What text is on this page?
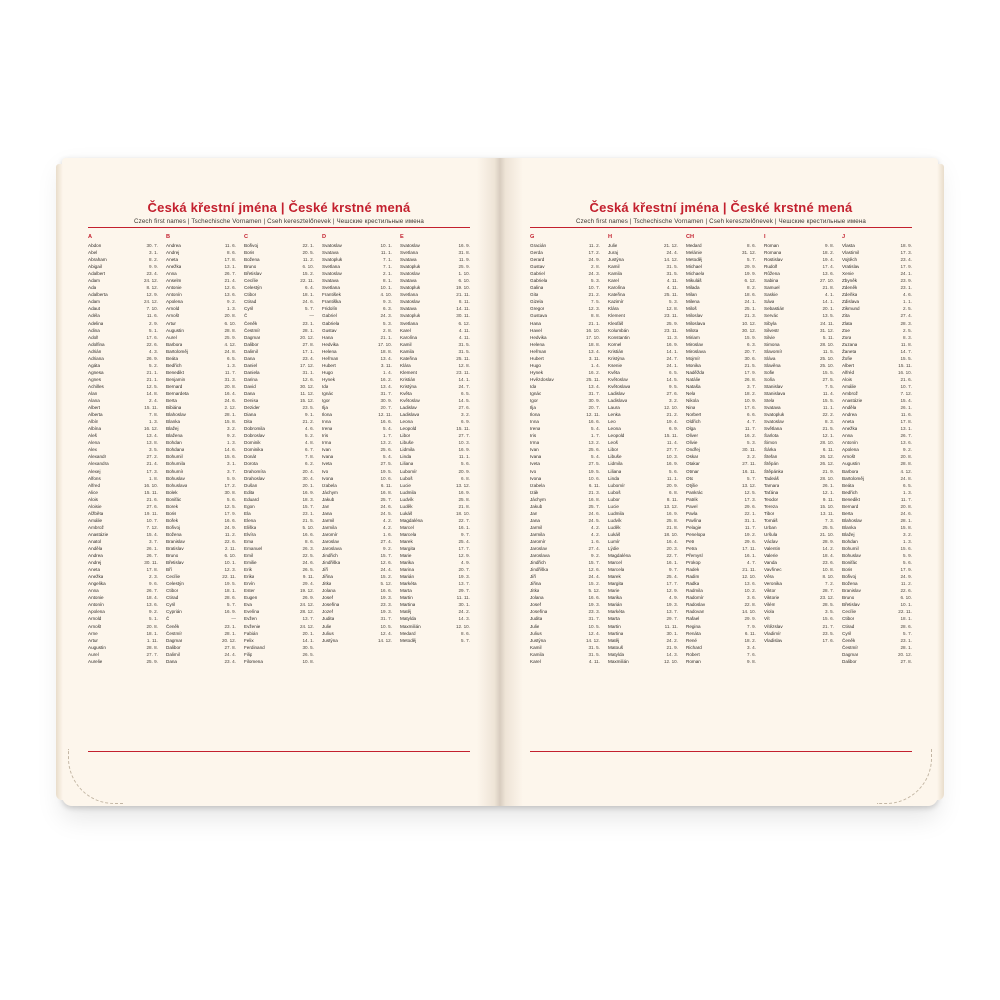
Česká křestní jména | České krstné mená
Czech first names | Tschechische Vornamen | Cseh keresztelőnevek | Чешские крестильные имена
A
Abdon	30. 7.
Abel	3. 1.
Abraham	8. 2.
Abigail	9. 9.
Adalbert	23. 4.
Adam	24. 12.
Ada	8. 12.
Adalberta	12. 9.
Adam	24. 12.
Adaut	7. 10.
Adéla	11. 6.
Adelina	2. 9.
Adina	5. 1.
Adolf	17. 6.
Adolfina	22. 6.
Adrián	4. 3.
Adriana	26. 9.
Agáta	5. 2.
Agnesa	21. 1.
Agnes	21. 1.
Achilles	12. 5.
Alan	14. 8.
Alana	2. 4.
Albert	15. 11.
Alberta	7. 8.
Albín	1. 3.
Albína	16. 12.
Aleš	13. 4.
Alena	13. 8.
Alex	3. 5.
Alexandr	27. 2.
Alexandra	21. 4.
Alexej	17. 3.
Alfons	1. 8.
Alfred	16. 10.
Alice	15. 11.
Alois	21. 6.
Aloisie	27. 6.
Alžběta	19. 11.
Amálie	10. 7.
Ambrož	7. 12.
Anastázie	15. 4.
Anatol	3. 7.
Anděla	26. 1.
Andrea	26. 7.
Andrej	30. 11.
Aneta	17. 8.
Anežka	2. 3.
Angelika	9. 6.
Anna	26. 7.
Antonie	18. 4.
Antonín	13. 6.
Apolena	9. 2.
Arnold	5. 1.
Arnošt	20. 8.
Arne	18. 1.
Artur	1. 11.
Augustin	28. 8.
Aurel	27. 7.
Aurelie	25. 9.
B
Andrea	11. 6.
Andrej	8. 6.
Aneta	17. 8.
Anežka	13. 1.
Anna	26. 7.
Anselm	21. 4.
Antonie	12. 6.
Antonín	13. 6.
Apolena	9. 2.
Arnold	1. 3.
Arnošt	20. 8.
Artur	6. 10.
Augustin	28. 8.
Aurel	25. 9.
Barbora	4. 12.
Bartoloměj	24. 8.
Beáta	6. 5.
Bedřich	1. 3.
Benedikt	11. 7.
Benjamin	31. 3.
Bernard	20. 8.
Bernardeta	16. 4.
Berta	24. 6.
Bibiána	2. 12.
Blahoslav	28. 1.
Blanka	15. 8.
Blažej	3. 2.
Blažena	9. 2.
Bohdan	1. 3.
Bohdana	14. 6.
Bohumil	15. 6.
Bohumila	3. 1.
Bohumír	3. 7.
Bohuslav	5. 9.
Bohuslava	17. 2.
Bolek	30. 8.
Bonifác	5. 6.
Borek	12. 5.
Boris	17. 9.
Bořek	16. 6.
Bořivoj	24. 9.
Božena	11. 2.
Branislav	22. 6.
Bratislav	2. 11.
Bruno	6. 10.
Břetislav	10. 1.
Bří	12. 3.
Cecílie	22. 11.
Celestýn	19. 5.
Ctibor	18. 1.
Ctirad	28. 6.
Cyril	5. 7.
Cyprián	16. 9.
Č	—
Čeněk	23. 1.
Čestmír	28. 1.
Dagmar	20. 12.
Dalibor	27. 8.
Dalimil	24. 4.
Dana	23. 4.
C
Bořivoj	22. 1.
Boris	20. 5.
Božena	11. 2.
Bruno	6. 10.
Břetislav	15. 2.
Cecílie	22. 11.
Celestýn	6. 4.
Ctibor	18. 1.
Ctirad	24. 6.
Cyril	5. 7.
Č	—
Čeněk	23. 1.
Čestmír	28. 1.
Dagmar	20. 12.
Dalibor	27. 8.
Dalimil	17. 1.
Dana	23. 4.
Daniel	17. 12.
Daniela	31. 1.
Darina	12. 6.
David	30. 12.
Dana	11. 12.
Denisa	15. 12.
Dezider	23. 5.
Diana	9. 1.
Dita	21. 2.
Dobromila	4. 6.
Dobroslav	5. 2.
Dominik	4. 8.
Dominika	6. 7.
Donát	7. 8.
Dorota	6. 2.
Drahomíra	20. 4.
Drahoslav	30. 4.
Dušan	20. 1.
Edita	16. 9.
Eduard	18. 3.
Egon	15. 7.
Ela	23. 1.
Elena	21. 5.
Eliška	5. 10.
Elvíra	16. 6.
Ema	8. 6.
Emanuel	26. 3.
Emil	22. 5.
Emilie	24. 6.
Erik	26. 5.
Erika	9. 11.
Ervín	29. 4.
Ester	19. 12.
Eugen	26. 9.
Eva	24. 12.
Evelína	28. 12.
Evžen	13. 7.
Evženie	24. 12.
Fabián	20. 1.
Felix	14. 1.
Ferdinand	30. 5.
Filip	26. 5.
Filomena	10. 8.
D
Svatoslav	10. 1.
Svatava	11. 1.
Svatopluk	7. 1.
Svetlana	7. 1.
Svatoslav	2. 1.
Svatava	8. 1.
Svetlana	10. 1.
František	4. 10.
Františka	9. 3.
Fridolín	6. 3.
Gabriel	24. 3.
Gabriela	5. 3.
Gustav	2. 8.
Hana	21. 1.
Hedvika	17. 10.
Helena	18. 8.
Heřman	13. 4.
Hubert	3. 11.
Hugo	1. 4.
Hynek	16. 2.
Ida	13. 4.
Ignác	31. 7.
Igor	30. 9.
Ilja	20. 7.
Ilona	12. 11.
Inna	16. 6.
Irena	5. 4.
Iris	1. 7.
Irma	13. 2.
Ivan	25. 6.
Ivana	5. 4.
Iveta	27. 5.
Ivo	19. 5.
Ivona	10. 6.
Izabela	6. 11.
Jáchym	16. 8.
Jakub	25. 7.
Jan	24. 6.
Jana	24. 5.
Jarmil	4. 2.
Jarmila	4. 2.
Jaromír	1. 6.
Jaroslav	27. 4.
Jaroslava	9. 2.
Jindřich	15. 7.
Jindřiška	12. 6.
Jiří	24. 4.
Jiřina	15. 2.
Jitka	5. 12.
Jolana	16. 6.
Josef	19. 3.
Josefína	23. 3.
Jozef	19. 3.
Judita	31. 7.
Julie	10. 5.
Julius	12. 4.
Justýna	14. 12.
E
Svatoslav	16. 9.
Svetlana	31. 8.
Svatava	11. 9.
Svatopluk	25. 9.
Svatoslav	1. 10.
Svatava	6. 10.
Svatopluk	19. 10.
Svetlana	21. 11.
Svatoslav	8. 11.
Svatava	14. 11.
Svatopluk	30. 11.
Svetlana	6. 12.
Karel	4. 11.
Karolína	4. 11.
Kamil	31. 5.
Kamila	31. 5.
Kateřina	25. 11.
Klára	12. 8.
Klement	23. 11.
Kristián	14. 1.
Kristýna	24. 7.
Květa	6. 5.
Květoslav	14. 5.
Ladislav	27. 6.
Ladislava	3. 2.
Leona	6. 9.
Leopold	15. 11.
Libor	27. 7.
Libuše	10. 3.
Lidmila	16. 9.
Linda	11. 1.
Liliana	5. 6.
Lubomír	20. 9.
Luboš	6. 8.
Lucie	13. 12.
Ludmila	16. 9.
Ludvík	25. 8.
Luděk	21. 8.
Lukáš	18. 10.
Magdaléna	22. 7.
Marcel	16. 1.
Marcela	9. 7.
Marek	25. 4.
Margita	17. 7.
Marie	12. 9.
Marika	4. 9.
Marina	20. 7.
Marián	19. 3.
Markéta	13. 7.
Marta	29. 7.
Martin	11. 11.
Martina	30. 1.
Matěj	24. 2.
Matylda	14. 3.
Maxmilián	12. 10.
Medard	8. 6.
Metoděj	5. 7.
Česká křestní jména | České krstné mená
Czech first names | Tschechische Vornamen | Cseh keresztelőnevek | Чешские крестильные имена
G
Gracián	11. 2.
Gerda	17. 2.
Gerard	24. 9.
Gustav	2. 8.
Gabriel	24. 3.
Gabriela	5. 3.
Galina	10. 7.
Gita	21. 2.
Gizela	7. 5.
Gregor	12. 3.
Gustava	8. 8.
Hana	21. 1.
Havel	16. 10.
Hedvika	17. 10.
Helena	18. 8.
Heřman	13. 4.
Hubert	3. 11.
Hugo	1. 4.
Hynek	16. 2.
Hvězdoslav	25. 11.
Ida	13. 4.
Ignác	31. 7.
Igor	30. 9.
Ilja	20. 7.
Ilona	12. 11.
Inna	16. 6.
Irena	5. 4.
Iris	1. 7.
Irma	13. 2.
Ivan	25. 6.
Ivana	5. 4.
Iveta	27. 5.
Ivo	19. 5.
Ivona	10. 6.
Izabela	6. 11.
Izák	21. 3.
Jáchym	16. 8.
Jakub	25. 7.
Jan	24. 6.
Jana	24. 5.
Jarmil	4. 2.
Jarmila	4. 2.
Jaromír	1. 6.
Jaroslav	27. 4.
Jaroslava	9. 2.
Jindřich	15. 7.
Jindřiška	12. 6.
Jiří	24. 4.
Jiřina	15. 2.
Jitka	5. 12.
Jolana	16. 6.
Josef	19. 3.
Josefína	23. 3.
Judita	31. 7.
Julie	10. 5.
Julius	12. 4.
Justýna	14. 12.
Kamil	31. 5.
Kamila	31. 5.
Karel	4. 11.
H
Julie	21. 12.
Juraj	24. 4.
Justýna	14. 12.
Kamil	31. 5.
Kamila	31. 5.
Karel	4. 11.
Karolína	4. 11.
Kateřina	25. 11.
Kazimír	5. 3.
Klára	12. 8.
Klement	23. 11.
Kleofáš	25. 9.
Kolumbán	23. 11.
Konstantin	11. 3.
Kornel	16. 9.
Kristián	14. 1.
Kristýna	24. 7.
Ksenie	24. 1.
Květa	6. 5.
Květoslav	14. 5.
Květoslava	9. 5.
Ladislav	27. 6.
Ladislava	3. 2.
Laura	12. 10.
Lenka	21. 2.
Leo	19. 4.
Leona	6. 9.
Leopold	15. 11.
Leoš	11. 4.
Libor	27. 7.
Libuše	10. 3.
Lidmila	16. 9.
Liliana	5. 6.
Linda	11. 1.
Lubomír	20. 9.
Luboš	6. 8.
Lubor	8. 11.
Lucie	13. 12.
Ludmila	16. 9.
Ludvík	25. 8.
Luděk	21. 8.
Lukáš	18. 10.
Lumír	16. 4.
Lýdie	20. 3.
Magdaléna	22. 7.
Marcel	16. 1.
Marcela	9. 7.
Marek	25. 4.
Margita	17. 7.
Marie	12. 9.
Marika	4. 9.
Marián	19. 3.
Markéta	13. 7.
Marta	29. 7.
Martin	11. 11.
Martina	30. 1.
Matěj	24. 2.
Matouš	21. 9.
Matylda	14. 3.
Maxmilián	12. 10.
CH
Medard	8. 6.
Melánie	31. 12.
Metoděj	5. 7.
Michael	29. 9.
Michaela	19. 9.
Mikuláš	6. 12.
Milada	8. 2.
Milan	18. 6.
Milena	24. 1.
Miloš	25. 1.
Miloslav	21. 3.
Miloslava	10. 12.
Milota	30. 12.
Miriam	15. 9.
Miroslav	6. 3.
Miroslava	20. 7.
Mojmír	30. 6.
Monika	21. 5.
Naděžda	17. 9.
Natálie	26. 8.
Nataša	3. 7.
Nela	18. 2.
Nikola	10. 9.
Nina	17. 6.
Norbert	6. 6.
Oldřich	4. 7.
Olga	11. 7.
Oliver	16. 2.
Olivie	5. 3.
Ondřej	30. 11.
Oskar	3. 2.
Otakar	27. 11.
Otmar	16. 11.
Oto	5. 7.
Otýlie	13. 12.
Pankrác	12. 5.
Patrik	17. 3.
Pavel	29. 6.
Pavla	22. 1.
Pavlína	31. 1.
Pelagie	11. 7.
Penelopa	19. 2.
Petr	29. 6.
Petra	17. 11.
Přemysl	16. 1.
Prokop	4. 7.
Radek	21. 11.
Radim	12. 10.
Radka	13. 6.
Radmila	10. 2.
Radomír	3. 6.
Radoslav	22. 8.
Radovan	14. 10.
Rafael	29. 9.
Regina	7. 9.
Renáta	6. 11.
René	18. 2.
Richard	3. 4.
Robert	7. 6.
Roman	9. 8.
I
Roman	9. 8.
Romana	18. 2.
Rostislav	19. 4.
Rudolf	17. 4.
Růžena	13. 6.
Sabina	27. 10.
Samuel	21. 8.
Saskie	4. 1.
Sáva	14. 1.
Sebastián	20. 1.
Servác	13. 5.
Sibyla	24. 11.
Silvestr	31. 12.
Silvie	5. 11.
Simona	28. 10.
Slavomír	11. 5.
Sláva	25. 10.
Slavěna	25. 10.
Sofie	15. 5.
Soňa	27. 5.
Stanislav	7. 5.
Stanislava	11. 4.
Stela	15. 5.
Svatava	11. 1.
Svatopluk	22. 2.
Svatoslav	8. 3.
Světlana	21. 5.
Šarlota	12. 1.
Šimon	28. 10.
Šárka	6. 11.
Štefan	26. 12.
Štěpán	26. 12.
Štěpánka	21. 9.
Tadeáš	28. 10.
Tamara	26. 1.
Taťána	12. 1.
Teodor	9. 11.
Tereza	15. 10.
Tibor	13. 11.
Tomáš	7. 3.
Urban	25. 5.
Uršula	21. 10.
Václav	28. 9.
Valentin	14. 2.
Valerie	18. 4.
Vanda	23. 6.
Vavřinec	10. 8.
Věra	8. 10.
Veronika	7. 2.
Viktor	28. 7.
Viktorie	23. 12.
Vilém	28. 5.
Viola	3. 5.
Vít	15. 6.
Vítězslav	21. 7.
Vladimír	23. 5.
Vladislav	17. 6.
J
Vlasta	18. 9.
Vlastimil	17. 3.
Vojtěch	23. 4.
Vratislav	17. 9.
Xenie	24. 1.
Zbyněk	23. 9.
Zdeněk	23. 1.
Zdeňka	4. 6.
Zdislava	1. 1.
Zikmund	2. 5.
Zita	27. 4.
Zlata	28. 3.
Zoe	2. 5.
Zora	8. 3.
Zuzana	11. 8.
Žaneta	14. 7.
Žofie	15. 5.
Albert	15. 11.
Alfréd	16. 10.
Alois	21. 6.
Amálie	10. 7.
Ambrož	7. 12.
Anastázie	15. 4.
Anděla	26. 1.
Andrea	11. 6.
Aneta	17. 8.
Anežka	13. 1.
Anna	26. 7.
Antonín	13. 6.
Apolena	9. 2.
Arnošt	20. 8.
Augustin	28. 8.
Barbora	4. 12.
Bartoloměj	24. 8.
Beáta	6. 5.
Bedřich	1. 3.
Benedikt	11. 7.
Bernard	20. 8.
Berta	24. 6.
Blahoslav	28. 1.
Blanka	15. 8.
Blažej	3. 2.
Bohdan	1. 3.
Bohumil	15. 6.
Bohuslav	5. 9.
Bonifác	5. 6.
Boris	17. 9.
Bořivoj	24. 9.
Božena	11. 2.
Branislav	22. 6.
Bruno	6. 10.
Břetislav	10. 1.
Cecílie	22. 11.
Ctibor	18. 1.
Ctirad	28. 6.
Cyril	5. 7.
Čeněk	23. 1.
Čestmír	28. 1.
Dagmar	20. 12.
Dalibor	27. 8.
